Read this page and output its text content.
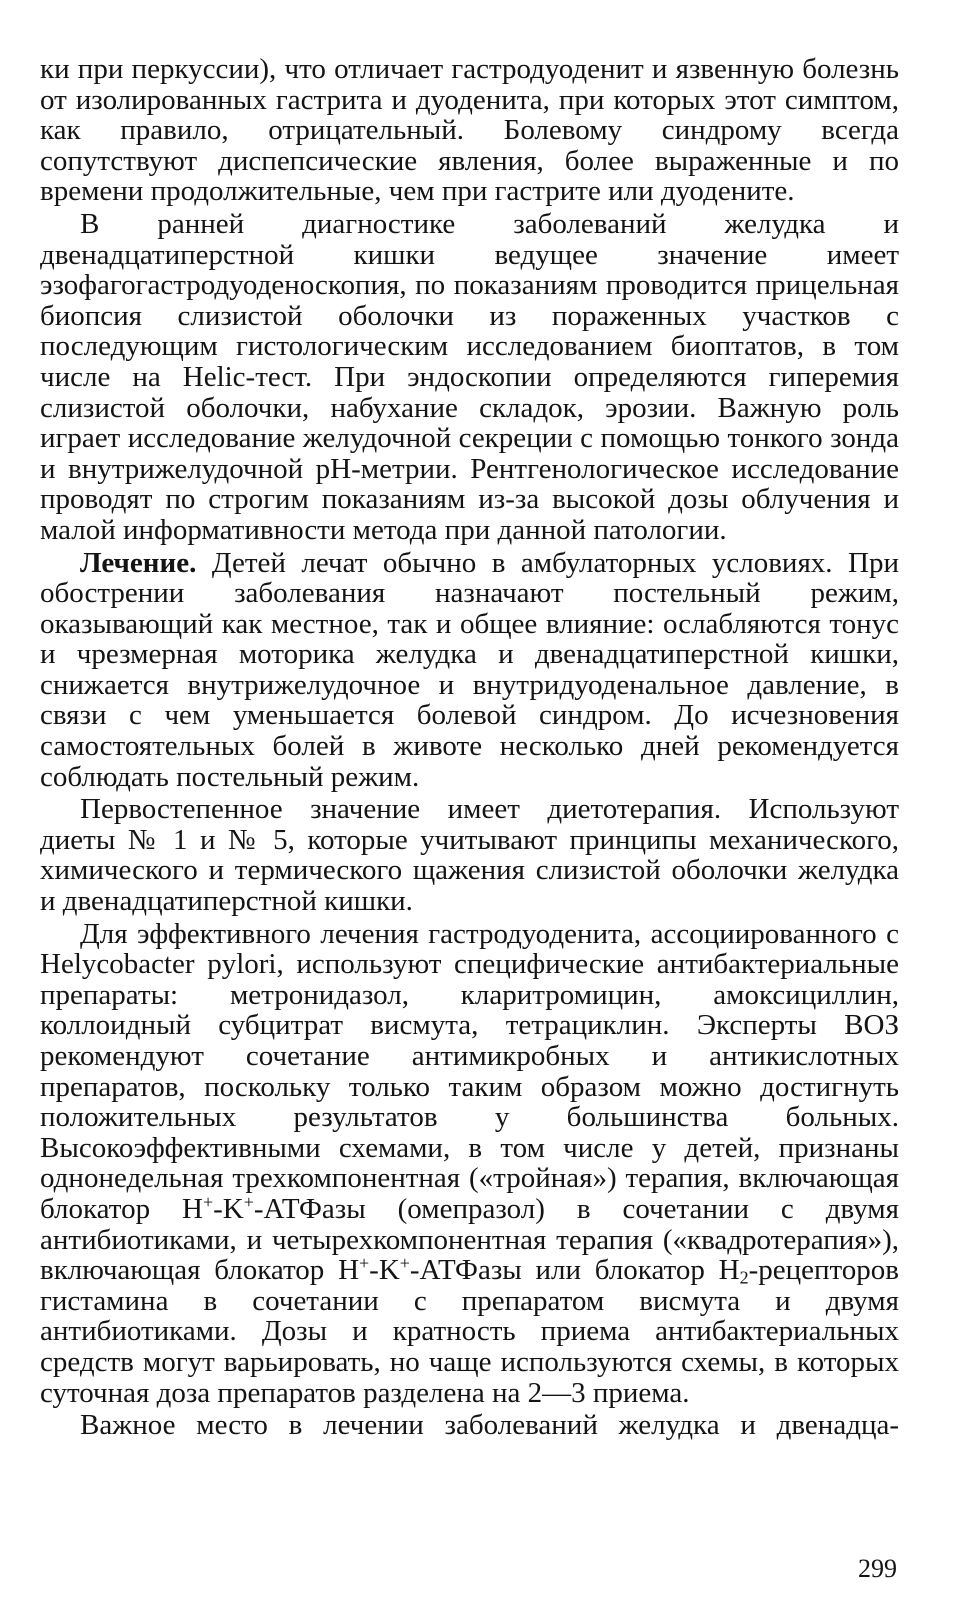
ки при перкуссии), что отличает гастродуоденит и язвенную болезнь от изолированных гастрита и дуоденита, при которых этот симптом, как правило, отрицательный. Болевому синдрому всегда сопутствуют диспепсические явления, более выраженные и по времени продолжительные, чем при гастрите или дуодените.

В ранней диагностике заболеваний желудка и двенадцатиперстной кишки ведущее значение имеет эзофагогастродуоденоскопия, по показаниям проводится прицельная биопсия слизистой оболочки из пораженных участков с последующим гистологическим исследованием биоптатов, в том числе на Helic-тест. При эндоскопии определяются гиперемия слизистой оболочки, набухание складок, эрозии. Важную роль играет исследование желудочной секреции с помощью тонкого зонда и внутрижелудочной pH-метрии. Рентгенологическое исследование проводят по строгим показаниям из-за высокой дозы облучения и малой информативности метода при данной патологии.

Лечение. Детей лечат обычно в амбулаторных условиях. При обострении заболевания назначают постельный режим, оказывающий как местное, так и общее влияние: ослабляются тонус и чрезмерная моторика желудка и двенадцатиперстной кишки, снижается внутрижелудочное и внутридуоденальное давление, в связи с чем уменьшается болевой синдром. До исчезновения самостоятельных болей в животе несколько дней рекомендуется соблюдать постельный режим.

Первостепенное значение имеет диетотерапия. Используют диеты № 1 и № 5, которые учитывают принципы механического, химического и термического щажения слизистой оболочки желудка и двенадцатиперстной кишки.

Для эффективного лечения гастродуоденита, ассоциированного с Helycobacter pylori, используют специфические антибактериальные препараты: метронидазол, кларитромицин, амоксициллин, коллоидный субцитрат висмута, тетрациклин. Эксперты ВОЗ рекомендуют сочетание антимикробных и антикислотных препаратов, поскольку только таким образом можно достигнуть положительных результатов у большинства больных. Высокоэффективными схемами, в том числе у детей, признаны однонедельная трехкомпонентная («тройная») терапия, включающая блокатор H+-K+-АТФазы (омепразол) в сочетании с двумя антибиотиками, и четырехкомпонентная терапия («квадротерапия»), включающая блокатор H+-K+-АТФазы или блокатор $H_2$-рецепторов гистамина в сочетании с препаратом висмута и двумя антибиотиками. Дозы и кратность приема антибактериальных средств могут варьировать, но чаще используются схемы, в которых суточная доза препаратов разделена на 2—3 приема.

Важное место в лечении заболеваний желудка и двенадца-

299
